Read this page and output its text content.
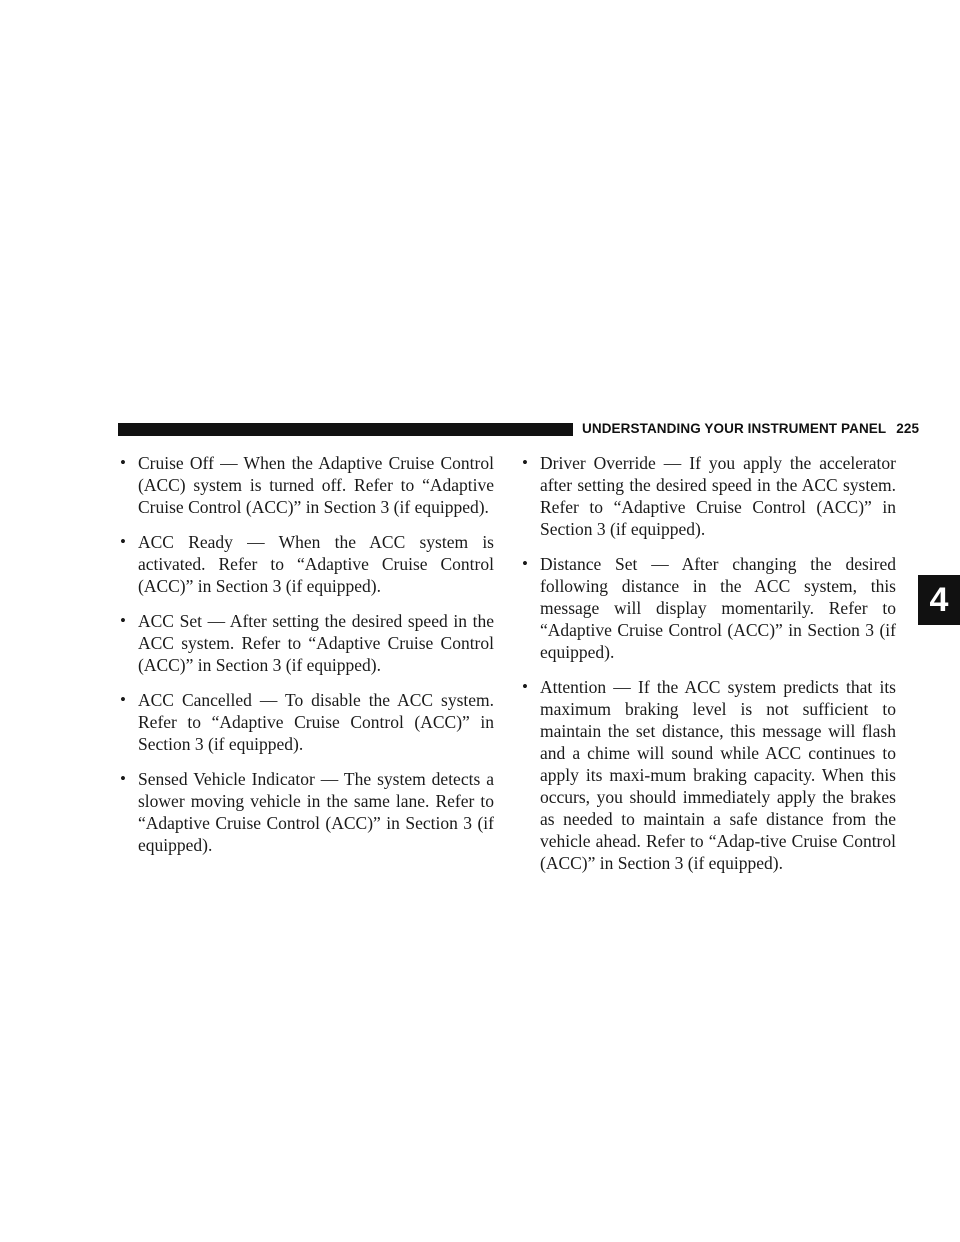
UNDERSTANDING YOUR INSTRUMENT PANEL 225
4
• Cruise Off — When the Adaptive Cruise Control (ACC) system is turned off. Refer to “Adaptive Cruise Control (ACC)” in Section 3 (if equipped).
• ACC Ready — When the ACC system is activated. Refer to “Adaptive Cruise Control (ACC)” in Section 3 (if equipped).
• ACC Set — After setting the desired speed in the ACC system. Refer to “Adaptive Cruise Control (ACC)” in Section 3 (if equipped).
• ACC Cancelled — To disable the ACC system. Refer to “Adaptive Cruise Control (ACC)” in Section 3 (if equipped).
• Sensed Vehicle Indicator — The system detects a slower moving vehicle in the same lane. Refer to “Adaptive Cruise Control (ACC)” in Section 3 (if equipped).
• Driver Override — If you apply the accelerator after setting the desired speed in the ACC system. Refer to “Adaptive Cruise Control (ACC)” in Section 3 (if equipped).
• Distance Set — After changing the desired following distance in the ACC system, this message will display momentarily. Refer to “Adaptive Cruise Control (ACC)” in Section 3 (if equipped).
• Attention — If the ACC system predicts that its maximum braking level is not sufficient to maintain the set distance, this message will flash and a chime will sound while ACC continues to apply its maxi-mum braking capacity. When this occurs, you should immediately apply the brakes as needed to maintain a safe distance from the vehicle ahead. Refer to “Adap-tive Cruise Control (ACC)” in Section 3 (if equipped).
